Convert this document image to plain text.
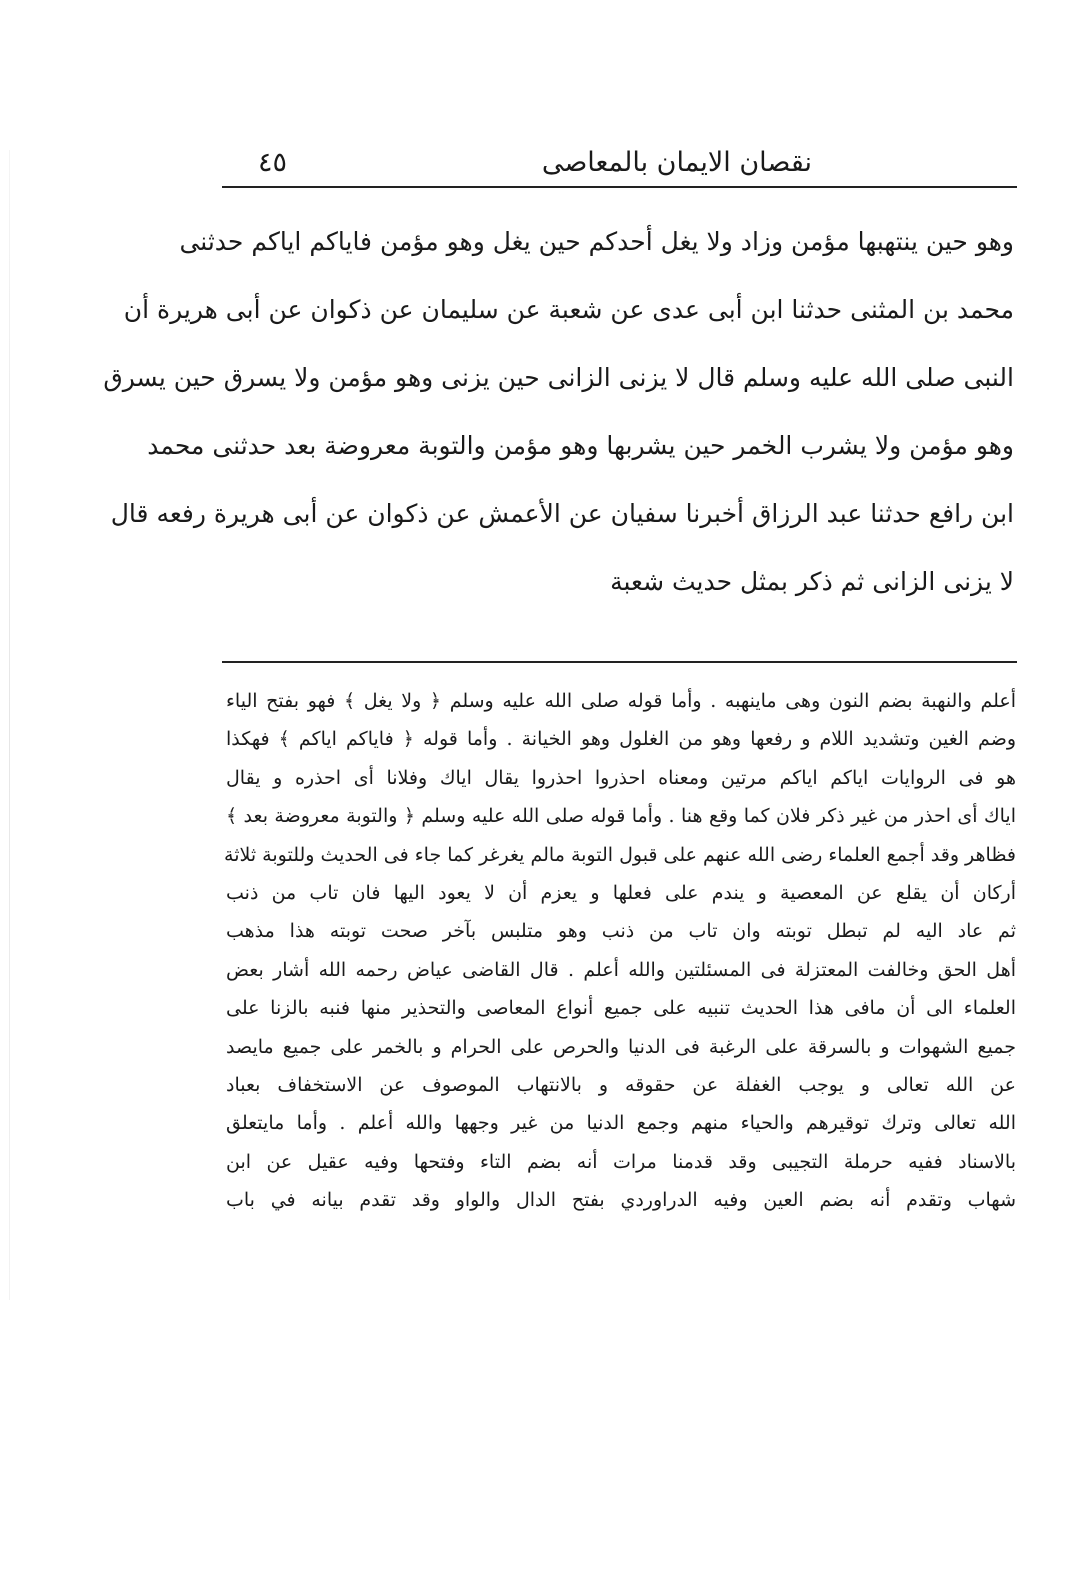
نقصان الايمان بالمعاصى
٤٥
وهو حين ينتهبها مؤمن وزاد ولا يغل أحدكم حين يغل وهو مؤمن فاياكم اياكم حدثنى
محمد بن المثنى حدثنا ابن أبى عدى عن شعبة عن سليمان عن ذكوان عن أبى هريرة أن
النبى صلى الله عليه وسلم قال لا يزنى الزانى حين يزنى وهو مؤمن ولا يسرق حين يسرق
وهو مؤمن ولا يشرب الخمر حين يشربها وهو مؤمن والتوبة معروضة بعد حدثنى محمد
ابن رافع حدثنا عبد الرزاق أخبرنا سفيان عن الأعمش عن ذكوان عن أبى هريرة رفعه قال
لا يزنى الزانى ثم ذكر بمثل حديث شعبة
أعلم والنهبة بضم النون وهى ماينهبه . وأما قوله صلى الله عليه وسلم ﴿ ولا يغل ﴾ فهو بفتح الياء
وضم الغين وتشديد اللام و رفعها وهو من الغلول وهو الخيانة . وأما قوله ﴿ فاياكم اياكم ﴾ فهكذا
هو فى الروايات اياكم اياكم مرتين ومعناه احذروا احذروا يقال اياك وفلانا أى احذره و يقال
اياك أى احذر من غير ذكر فلان كما وقع هنا . وأما قوله صلى الله عليه وسلم ﴿ والتوبة معروضة بعد ﴾
فظاهر وقد أجمع العلماء رضى الله عنهم على قبول التوبة مالم يغرغر كما جاء فى الحديث وللتوبة ثلاثة
أركان أن يقلع عن المعصية و يندم على فعلها و يعزم أن لا يعود اليها فان تاب من ذنب
ثم عاد اليه لم تبطل توبته وان تاب من ذنب وهو متلبس بآخر صحت توبته هذا مذهب
أهل الحق وخالفت المعتزلة فى المسئلتين والله أعلم . قال القاضى عياض رحمه الله أشار بعض
العلماء الى أن مافى هذا الحديث تنبيه على جميع أنواع المعاصى والتحذير منها فنبه بالزنا على
جميع الشهوات و بالسرقة على الرغبة فى الدنيا والحرص على الحرام و بالخمر على جميع مايصد
عن الله تعالى و يوجب الغفلة عن حقوقه و بالانتهاب الموصوف عن الاستخفاف بعباد
الله تعالى وترك توقيرهم والحياء منهم وجمع الدنيا من غير وجهها والله أعلم . وأما مايتعلق
بالاسناد ففيه حرملة التجيبى وقد قدمنا مرات أنه بضم التاء وفتحها وفيه عقيل عن ابن
شهاب وتقدم أنه بضم العين وفيه الدراوردي بفتح الدال والواو وقد تقدم بيانه في باب
